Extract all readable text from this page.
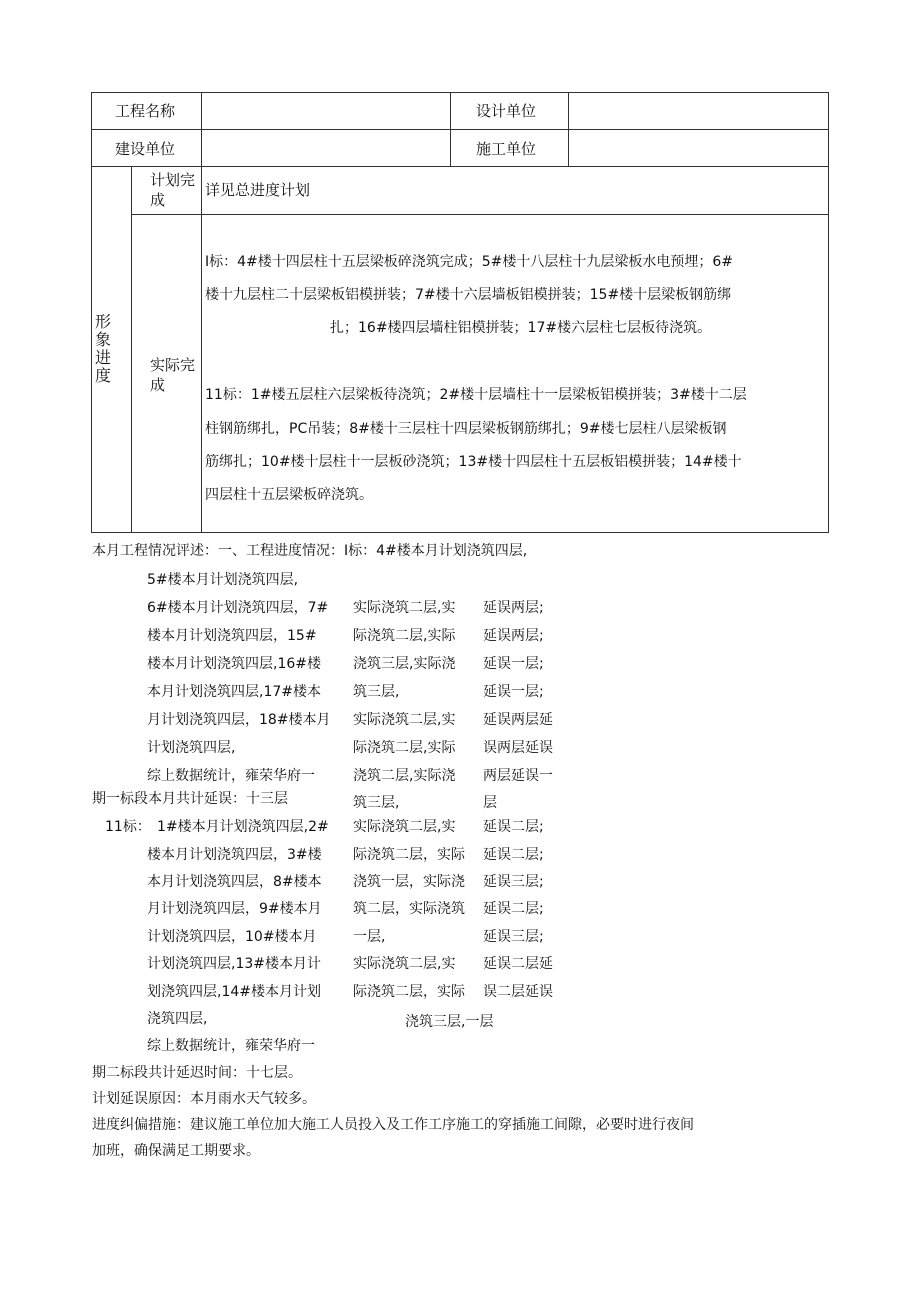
工程名称	设计单位
建设单位	施工单位
形
象
进
度
计划完
成
详见总进度计划
实际完
成
Ⅰ标：4#楼十四层柱十五层梁板碎浇筑完成；5#楼十八层柱十九层梁板水电预埋；6#
楼十九层柱二十层梁板铝模拼装；7#楼十六层墙板铝模拼装；15#楼十层梁板钢筋绑
扎；16#楼四层墙柱铝模拼装；17#楼六层柱七层板待浇筑。
11标：1#楼五层柱六层梁板待浇筑；2#楼十层墙柱十一层梁板铝模拼装；3#楼十二层
柱钢筋绑扎，PC吊装；8#楼十三层柱十四层梁板钢筋绑扎；9#楼七层柱八层梁板钢
筋绑扎；10#楼十层柱十一层板砂浇筑；13#楼十四层柱十五层板铝模拼装；14#楼十
四层柱十五层梁板碎浇筑。
本月工程情况评述：一、工程进度情况：Ⅰ标：4#楼本月计划浇筑四层,
5#楼本月计划浇筑四层,
6#楼本月计划浇筑四层，7#
楼本月计划浇筑四层，15#
楼本月计划浇筑四层,16#楼
本月计划浇筑四层,17#楼本
月计划浇筑四层，18#楼本月
计划浇筑四层,
综上数据统计，雍荣华府一
期一标段本月共计延误：十三层
实际浇筑二层,实
际浇筑二层,实际
浇筑三层,实际浇
筑三层,
实际浇筑二层,实
际浇筑二层,实际
浇筑二层,实际浇
筑三层,
延误两层;
延误两层;
延误一层;
延误一层;
延误两层延
误两层延误
两层延误一
层
11标： 1#楼本月计划浇筑四层,2#
楼本月计划浇筑四层，3#楼
本月计划浇筑四层，8#楼本
月计划浇筑四层，9#楼本月
计划浇筑四层，10#楼本月
计划浇筑四层,13#楼本月计
划浇筑四层,14#楼本月计划
浇筑四层,
综上数据统计，雍荣华府一
期二标段共计延迟时间：十七层。
实际浇筑二层,实
际浇筑二层，实际
浇筑一层，实际浇
筑二层，实际浇筑
一层,
实际浇筑二层,实
际浇筑二层，实际
浇筑三层,一层
延误二层;
延误二层;
延误三层;
延误二层;
延误三层;
延误二层延
误二层延误
计划延误原因：本月雨水天气较多。
进度纠偏措施：建议施工单位加大施工人员投入及工作工序施工的穿插施工间隙，必要时进行夜间
加班，确保满足工期要求。
